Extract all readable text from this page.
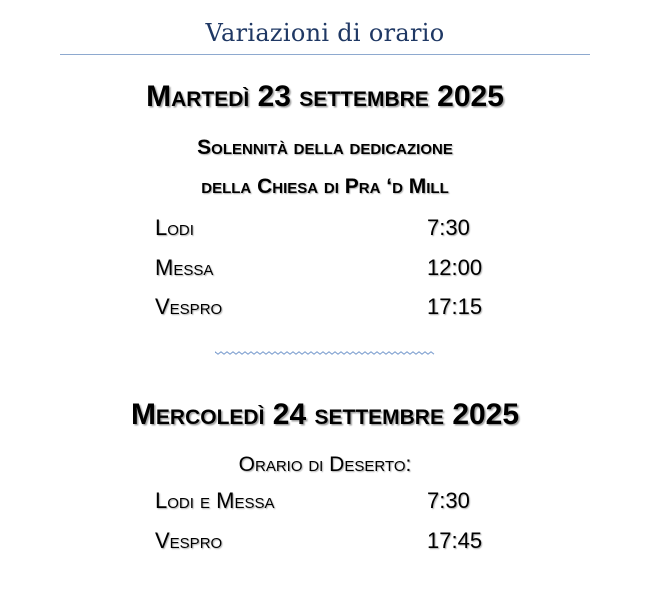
Variazioni di orario
Martedì 23 settembre 2025
Solennità della dedicazione
della Chiesa di Pra ‘d Mill
Lodi	7:30
Messa	12:00
Vespro	17:15
Mercoledì 24 settembre 2025
Orario di Deserto:
Lodi e Messa	7:30
Vespro	17:45
